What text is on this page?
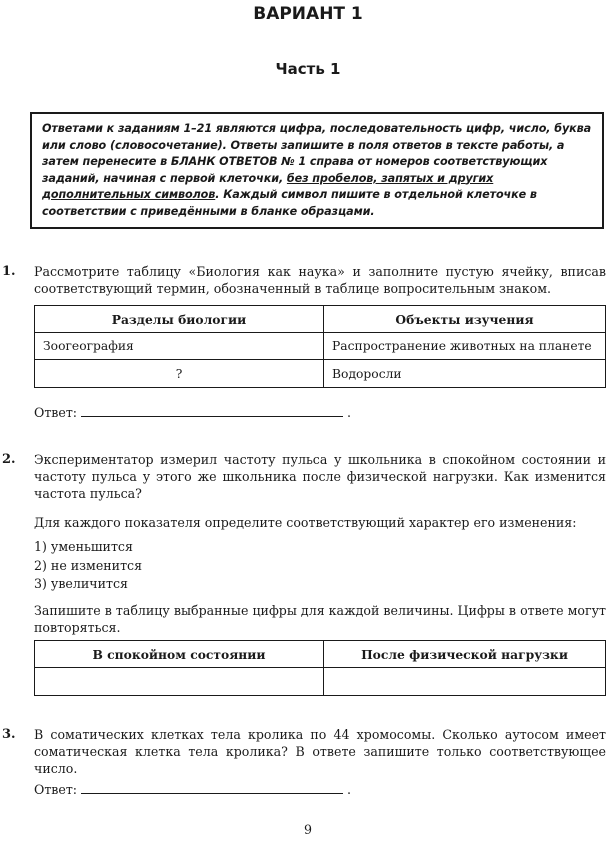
ВАРИАНТ 1
Часть 1
Ответами к заданиям 1–21 являются цифра, последовательность цифр, число, буква или слово (словосочетание). Ответы запишите в поля ответов в тексте работы, а затем перенесите в БЛАНК ОТВЕТОВ № 1 справа от номеров соответствующих заданий, начиная с первой клеточки, без пробелов, запятых и других дополнительных символов. Каждый символ пишите в отдельной клеточке в соответствии с приведёнными в бланке образцами.
1. Рассмотрите таблицу «Биология как наука» и заполните пустую ячейку, вписав соответствующий термин, обозначенный в таблице вопросительным знаком.
Разделы биологии	Объекты изучения
Зоогеография	Распространение животных на планете
?	Водоросли
Ответ:	.
2. Экспериментатор измерил частоту пульса у школьника в спокойном состоянии и частоту пульса у этого же школьника после физической нагрузки. Как изменится частота пульса?
Для каждого показателя определите соответствующий характер его изменения:
1) уменьшится
2) не изменится
3) увеличится
Запишите в таблицу выбранные цифры для каждой величины. Цифры в ответе могут повторяться.
В спокойном состоянии	После физической нагрузки

3. В соматических клетках тела кролика по 44 хромосомы. Сколько аутосом имеет соматическая клетка тела кролика? В ответе запишите только соответствующее число.
Ответ:	.
9
